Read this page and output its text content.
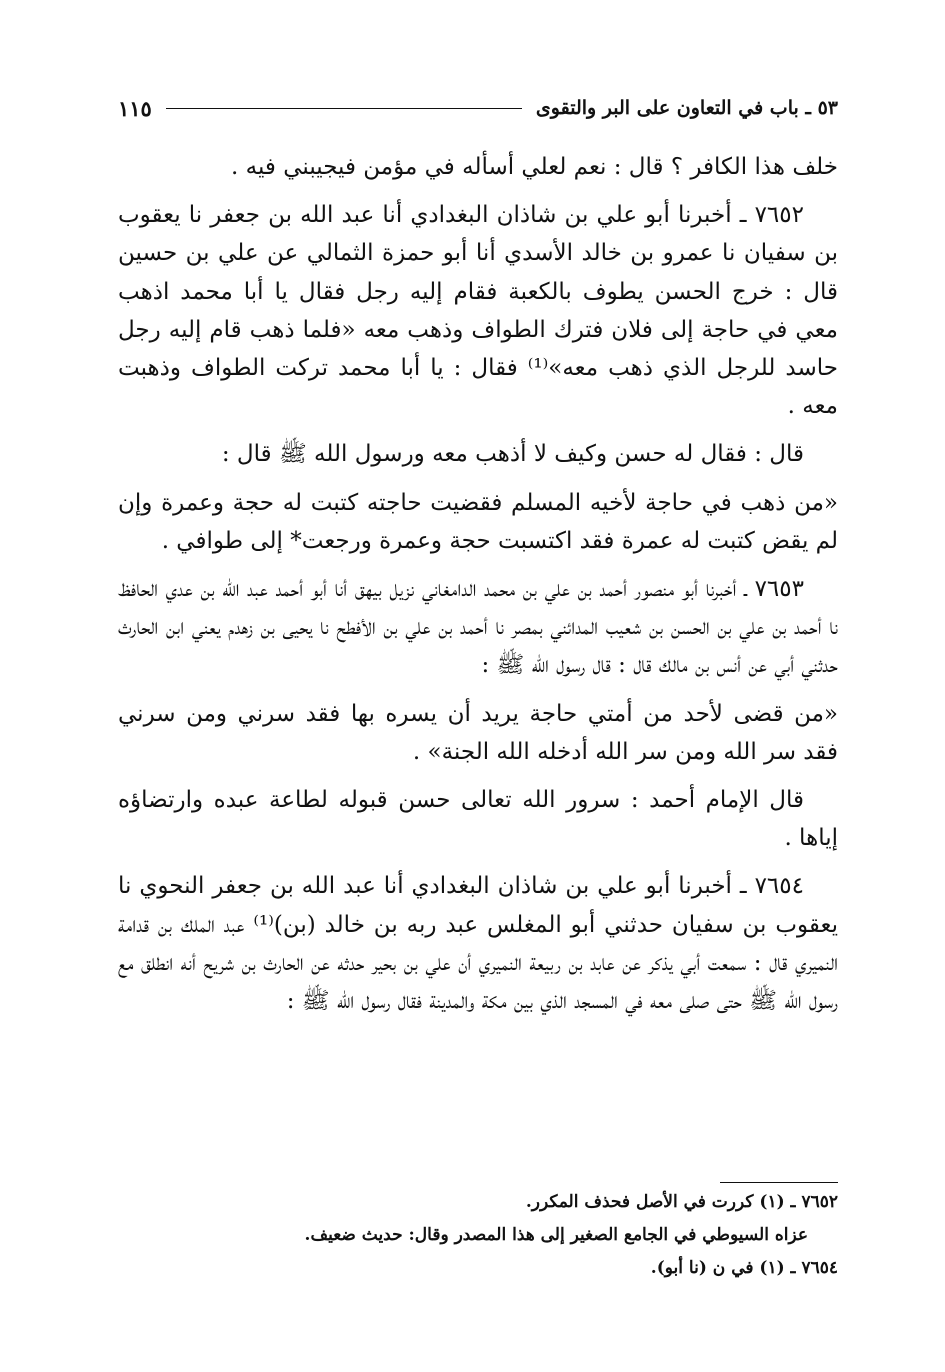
٥٣ ـ باب في التعاون على البر والتقوى
١١٥

خلف هذا الكافر ؟ قال : نعم لعلي أسأله في مؤمن فيجيبني فيه .

٧٦٥٢ ـ أخبرنا أبو علي بن شاذان البغدادي أنا عبد الله بن جعفر نا يعقوب بن سفيان نا عمرو بن خالد الأسدي أنا أبو حمزة الثمالي عن علي بن حسين قال : خرج الحسن يطوف بالكعبة فقام إليه رجل فقال يا أبا محمد اذهب معي في حاجة إلى فلان فترك الطواف وذهب معه «فلما ذهب قام إليه رجل حاسد للرجل الذي ذهب معه»⁽¹⁾ فقال : يا أبا محمد تركت الطواف وذهبت معه .

قال : فقال له حسن وكيف لا أذهب معه ورسول الله ﷺ قال :

«من ذهب في حاجة لأخيه المسلم فقضيت حاجته كتبت له حجة وعمرة وإن لم يقض كتبت له عمرة فقد اكتسبت حجة وعمرة ورجعت* إلى طوافي .

٧٦٥٣ ـ أخبرنا أبو منصور أحمد بن علي بن محمد الدامغاني نزيل بيهق أنا أبو أحمد عبد الله بن عدي الحافظ نا أحمد بن علي بن الحسن بن شعيب المدائني بمصر نا أحمد بن علي بن الأفطح نا يحيى بن زهدم يعني ابن الحارث حدثني أبي عن أنس بن مالك قال : قال رسول الله ﷺ :

«من قضى لأحد من أمتي حاجة يريد أن يسره بها فقد سرني ومن سرني فقد سر الله ومن سر الله أدخله الله الجنة» .

قال الإمام أحمد : سرور الله تعالى حسن قبوله لطاعة عبده وارتضاؤه إياها .

٧٦٥٤ ـ أخبرنا أبو علي بن شاذان البغدادي أنا عبد الله بن جعفر النحوي نا يعقوب بن سفيان حدثني أبو المغلس عبد ربه بن خالد (بن)⁽¹⁾ عبد الملك بن قدامة النميري قال : سمعت أبي يذكر عن عابد بن ربيعة النميري أن علي بن بحير حدثه عن الحارث بن شريح أنه انطلق مع رسول الله ﷺ حتى صلى معه في المسجد الذي بين مكة والمدينة فقال رسول الله ﷺ :

٧٦٥٢ ـ (١) كررت في الأصل فحذف المكرر.

عزاه السيوطي في الجامع الصغير إلى هذا المصدر وقال: حديث ضعيف.

٧٦٥٤ ـ (١) في ن (نا أبو).
